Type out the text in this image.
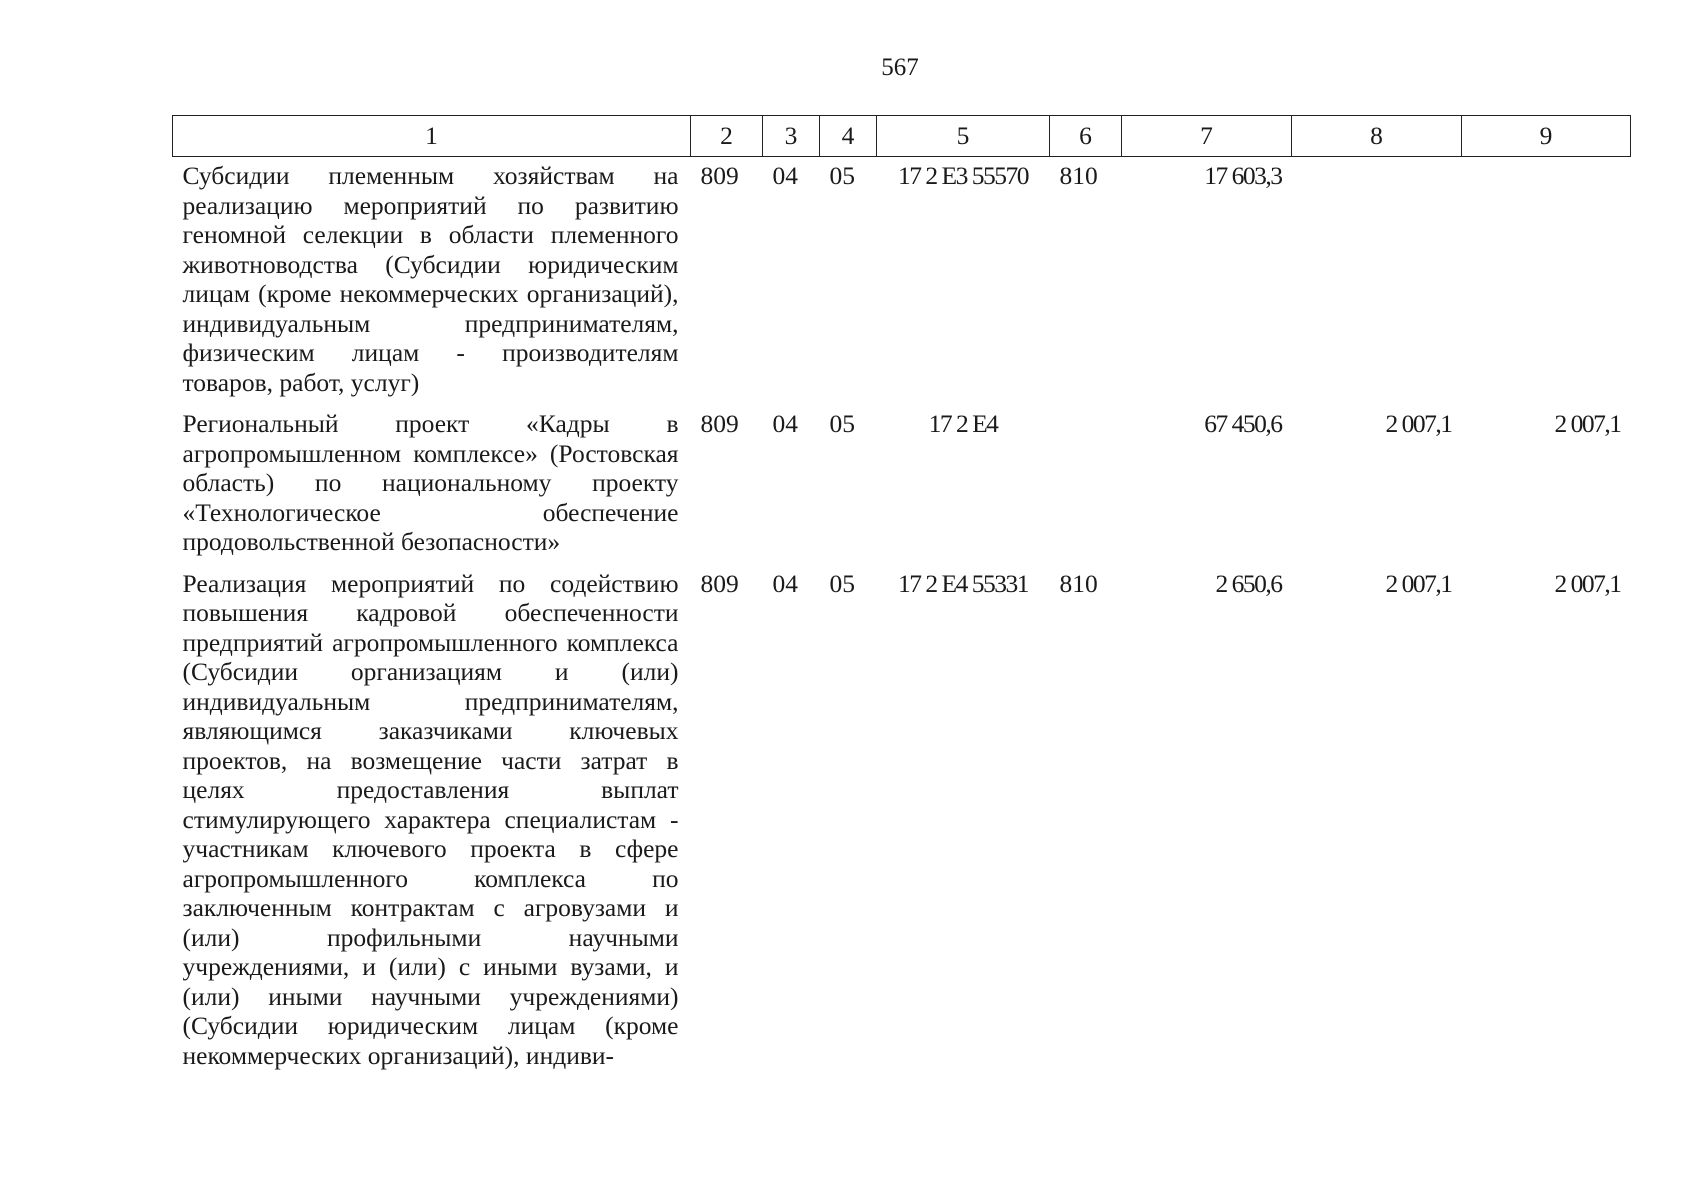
567
1	2	3	4	5	6	7	8	9
Субсидии племенным хозяйствам на реализацию мероприятий по развитию геномной селекции в области племенного животноводства (Субсидии юридическим лицам (кроме некоммерческих организаций), индивидуальным предпринимателям, физическим лицам - производителям товаров, работ, услуг)	809	04	05	17 2 E3 55570	810	17 603,3		
Региональный проект «Кадры в агропромышленном комплексе» (Ростовская область) по национальному проекту «Технологическое обеспечение продовольственной безопасности»	809	04	05	17 2 E4		67 450,6	2 007,1	2 007,1
Реализация мероприятий по содействию повышения кадровой обеспеченности предприятий агропромышленного комплекса (Субсидии организациям и (или) индивидуальным предпринимателям, являющимся заказчиками ключевых проектов, на возмещение части затрат в целях предоставления выплат стимулирующего характера специалистам - участникам ключевого проекта в сфере агропромышленного комплекса по заключенным контрактам с агровузами и (или) профильными научными учреждениями, и (или) с иными вузами, и (или) иными научными учреждениями) (Субсидии юридическим лицам (кроме некоммерческих организаций), индиви-	809	04	05	17 2 E4 55331	810	2 650,6	2 007,1	2 007,1
